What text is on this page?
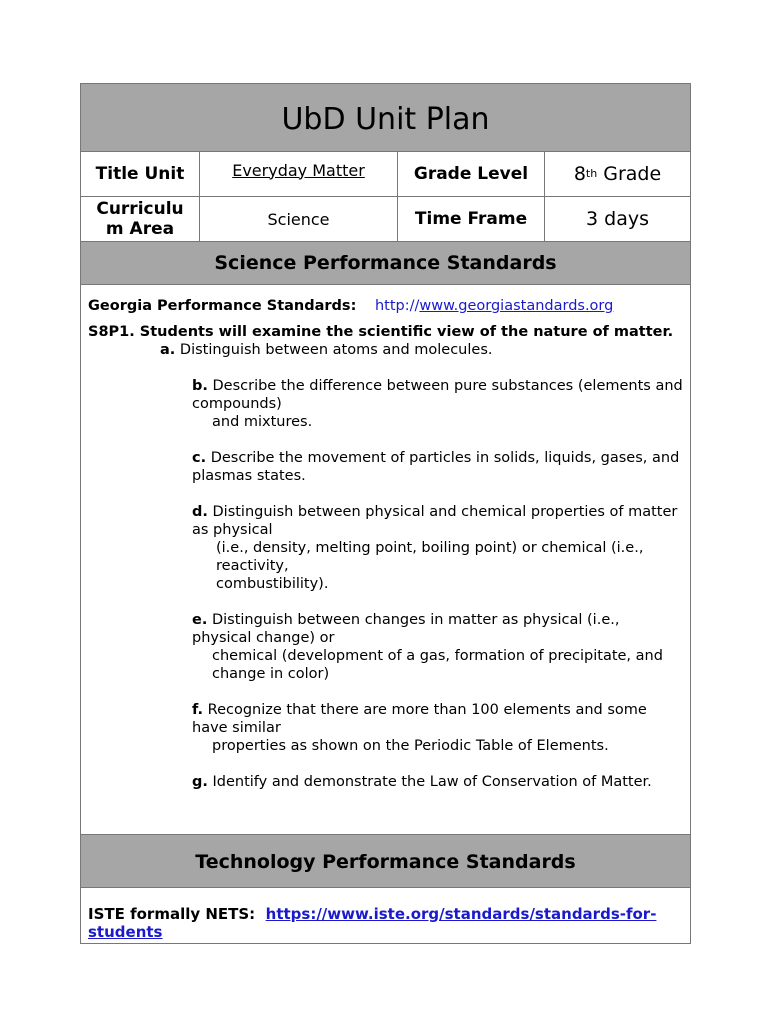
UbD Unit Plan
Title Unit	Everyday Matter	Grade Level	8 th
Grade
Curriculu m Area	Science	Time Frame	3 days
Science Performance Standards
Georgia Performance Standards: http://www.georgiastandards.org
S8P1. Students will examine the scientific view of the nature of matter.
a. Distinguish between atoms and molecules.
b. Describe the difference between pure substances (elements and compounds)
and mixtures.
c. Describe the movement of particles in solids, liquids, gases, and plasmas states.
d. Distinguish between physical and chemical properties of matter as physical
(i.e., density, melting point, boiling point) or chemical (i.e., reactivity,
combustibility).
e. Distinguish between changes in matter as physical (i.e., physical change) or
chemical (development of a gas, formation of precipitate, and change in color)
f. Recognize that there are more than 100 elements and some have similar
properties as shown on the Periodic Table of Elements.
g. Identify and demonstrate the Law of Conservation of Matter.
Technology Performance Standards
ISTE formally NETS: https://www.iste.org/standards/standards-for-students
